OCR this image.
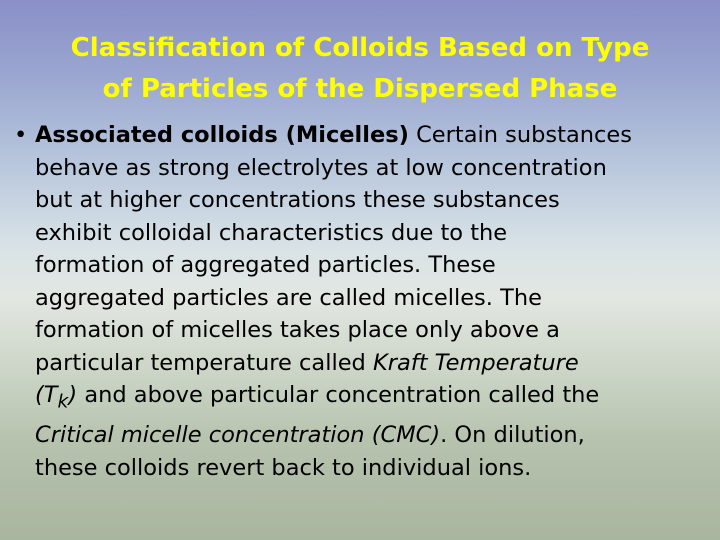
Classification of Colloids Based on Type
of Particles of the Dispersed Phase
• Associated colloids (Micelles) Certain substances
behave as strong electrolytes at low concentration
but at higher concentrations these substances
exhibit colloidal characteristics due to the
formation of aggregated particles. These
aggregated particles are called micelles. The
formation of micelles takes place only above a
particular temperature called Kraft Temperature
$(T_k)$ and above particular concentration called the
Critical micelle concentration (CMC). On dilution,
these colloids revert back to individual ions.
